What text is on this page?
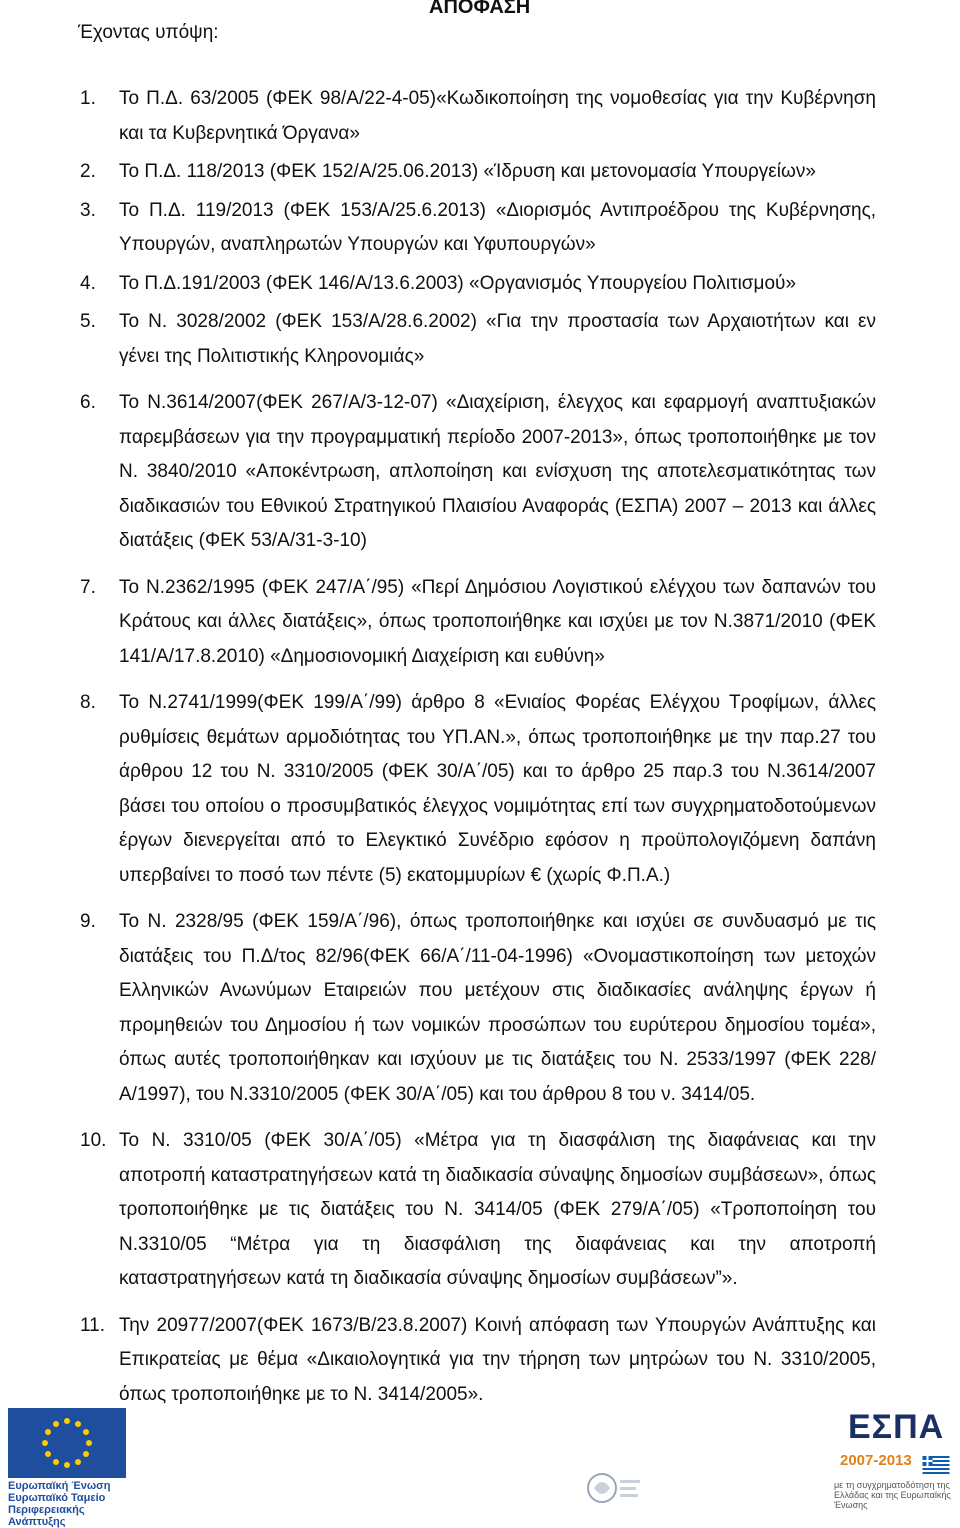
ΑΠΟΦΑΣΗ

Έχοντας υπόψη:

1. Το Π.Δ. 63/2005 (ΦΕΚ 98/Α/22-4-05)«Κωδικοποίηση της νομοθεσίας για την Κυβέρνηση και τα Κυβερνητικά Όργανα»
2. Το Π.Δ. 118/2013 (ΦΕΚ 152/Α/25.06.2013) «Ίδρυση και μετονομασία Υπουργείων»
3. Το Π.Δ. 119/2013 (ΦΕΚ 153/Α/25.6.2013) «Διορισμός Αντιπροέδρου της Κυβέρνησης, Υπουργών, αναπληρωτών Υπουργών και Υφυπουργών»
4. Το Π.Δ.191/2003 (ΦΕΚ 146/Α/13.6.2003) «Οργανισμός Υπουργείου Πολιτισμού»
5. Το Ν. 3028/2002 (ΦΕΚ 153/Α/28.6.2002) «Για την προστασία των Αρχαιοτήτων και εν γένει της Πολιτιστικής Κληρονομιάς»
6. Το Ν.3614/2007(ΦΕΚ 267/Α/3-12-07) «Διαχείριση, έλεγχος και εφαρμογή αναπτυξιακών παρεμβάσεων για την προγραμματική περίοδο 2007-2013», όπως τροποποιήθηκε με τον Ν. 3840/2010 «Αποκέντρωση, απλοποίηση και ενίσχυση της αποτελεσματικότητας των διαδικασιών του Εθνικού Στρατηγικού Πλαισίου Αναφοράς (ΕΣΠΑ) 2007 – 2013 και άλλες διατάξεις (ΦΕΚ 53/Α/31-3-10)
7. Το Ν.2362/1995 (ΦΕΚ 247/Α΄/95) «Περί Δημόσιου Λογιστικού ελέγχου των δαπανών του Κράτους και άλλες διατάξεις», όπως τροποποιήθηκε και ισχύει με τον Ν.3871/2010 (ΦΕΚ 141/Α/17.8.2010) «Δημοσιονομική Διαχείριση και ευθύνη»
8. Το Ν.2741/1999(ΦΕΚ 199/Α΄/99) άρθρο 8 «Ενιαίος Φορέας Ελέγχου Τροφίμων, άλλες ρυθμίσεις θεμάτων αρμοδιότητας του ΥΠ.ΑΝ.», όπως τροποποιήθηκε με την παρ.27 του άρθρου 12 του Ν. 3310/2005 (ΦΕΚ 30/Α΄/05) και το άρθρο 25 παρ.3 του Ν.3614/2007 βάσει του οποίου ο προσυμβατικός έλεγχος νομιμότητας επί των συγχρηματοδοτούμενων έργων διενεργείται από το Ελεγκτικό Συνέδριο εφόσον η προϋπολογιζόμενη δαπάνη υπερβαίνει το ποσό των πέντε (5) εκατομμυρίων € (χωρίς Φ.Π.Α.)
9. Το Ν. 2328/95 (ΦΕΚ 159/Α΄/96), όπως τροποποιήθηκε και ισχύει σε συνδυασμό με τις διατάξεις του Π.Δ/τος 82/96(ΦΕΚ 66/Α΄/11-04-1996) «Ονομαστικοποίηση των μετοχών Ελληνικών Ανωνύμων Εταιρειών που μετέχουν στις διαδικασίες ανάληψης έργων ή προμηθειών του Δημοσίου ή των νομικών προσώπων του ευρύτερου δημοσίου τομέα», όπως αυτές τροποποιήθηκαν και ισχύουν με τις διατάξεις του Ν. 2533/1997 (ΦΕΚ 228/Α/1997), του Ν.3310/2005 (ΦΕΚ 30/Α΄/05) και του άρθρου 8 του ν. 3414/05.
10. Το Ν. 3310/05 (ΦΕΚ 30/Α΄/05) «Μέτρα για τη διασφάλιση της διαφάνειας και την αποτροπή καταστρατηγήσεων κατά τη διαδικασία σύναψης δημοσίων συμβάσεων», όπως τροποποιήθηκε με τις διατάξεις του Ν. 3414/05 (ΦΕΚ 279/Α΄/05) «Τροποποίηση του Ν.3310/05 “Μέτρα για τη διασφάλιση της διαφάνειας και την αποτροπή καταστρατηγήσεων κατά τη διαδικασία σύναψης δημοσίων συμβάσεων”».
11. Την 20977/2007(ΦΕΚ 1673/Β/23.8.2007) Κοινή απόφαση των Υπουργών Ανάπτυξης και Επικρατείας με θέμα «Δικαιολογητικά για την τήρηση των μητρώων του Ν. 3310/2005, όπως τροποποιήθηκε με το Ν. 3414/2005».
Ευρωπαϊκή Ένωση
Ευρωπαϊκό Ταμείο
Περιφερειακής Ανάπτυξης
ΕΣΠΑ
2007-2013
με τη συγχρηματοδότηση της Ελλάδας και της Ευρωπαϊκής Ένωσης
